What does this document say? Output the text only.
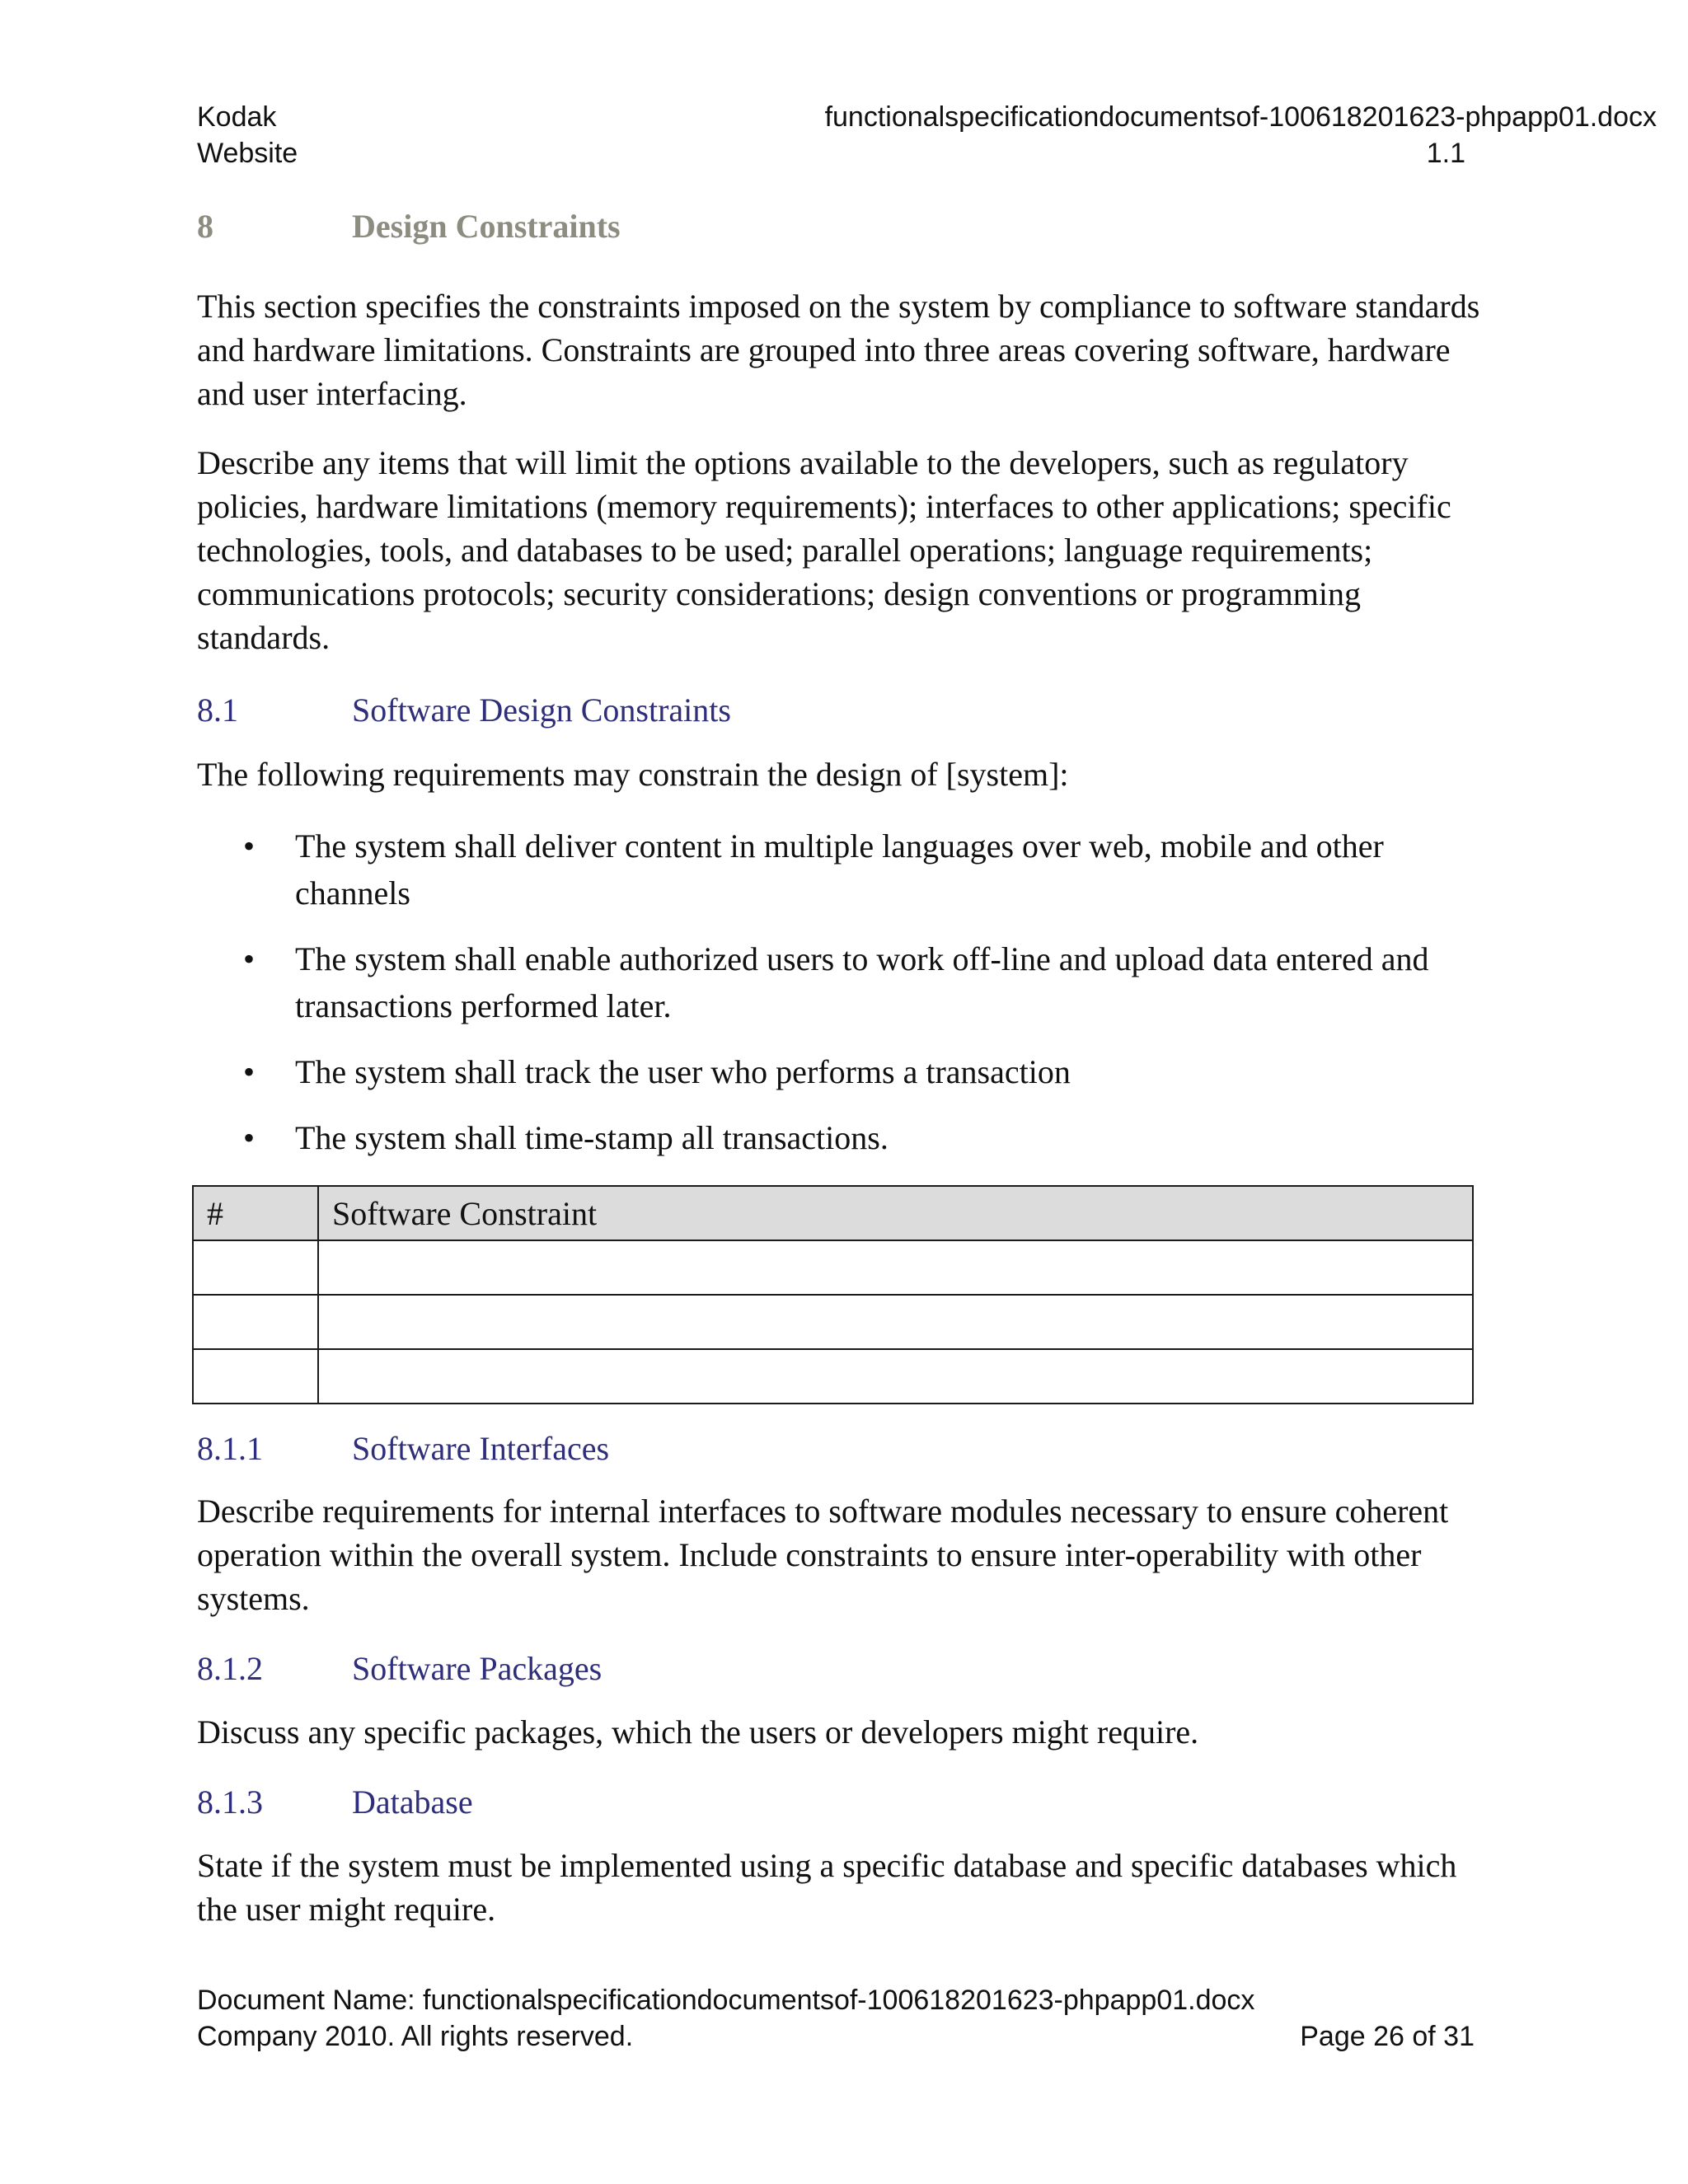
Kodak
Website
functionalspecificationdocumentsof-100618201623-phpapp01.docx
1.1
8	Design Constraints

This section specifies the constraints imposed on the system by compliance to software standards and hardware limitations. Constraints are grouped into three areas covering software, hardware and user interfacing.

Describe any items that will limit the options available to the developers, such as regulatory policies, hardware limitations (memory requirements); interfaces to other applications; specific technologies, tools, and databases to be used; parallel operations; language requirements; communications protocols; security considerations; design conventions or programming standards.

8.1	Software Design Constraints

The following requirements may constrain the design of [system]:

• The system shall deliver content in multiple languages over web, mobile and other channels
• The system shall enable authorized users to work off-line and upload data entered and transactions performed later.
• The system shall track the user who performs a transaction
• The system shall time-stamp all transactions.
#	Software Constraint

8.1.1	Software Interfaces

Describe requirements for internal interfaces to software modules necessary to ensure coherent operation within the overall system. Include constraints to ensure inter-operability with other systems.

8.1.2	Software Packages

Discuss any specific packages, which the users or developers might require.

8.1.3	Database

State if the system must be implemented using a specific database and specific databases which the user might require.

Document Name: functionalspecificationdocumentsof-100618201623-phpapp01.docx
Company 2010. All rights reserved.	Page 26 of 31
